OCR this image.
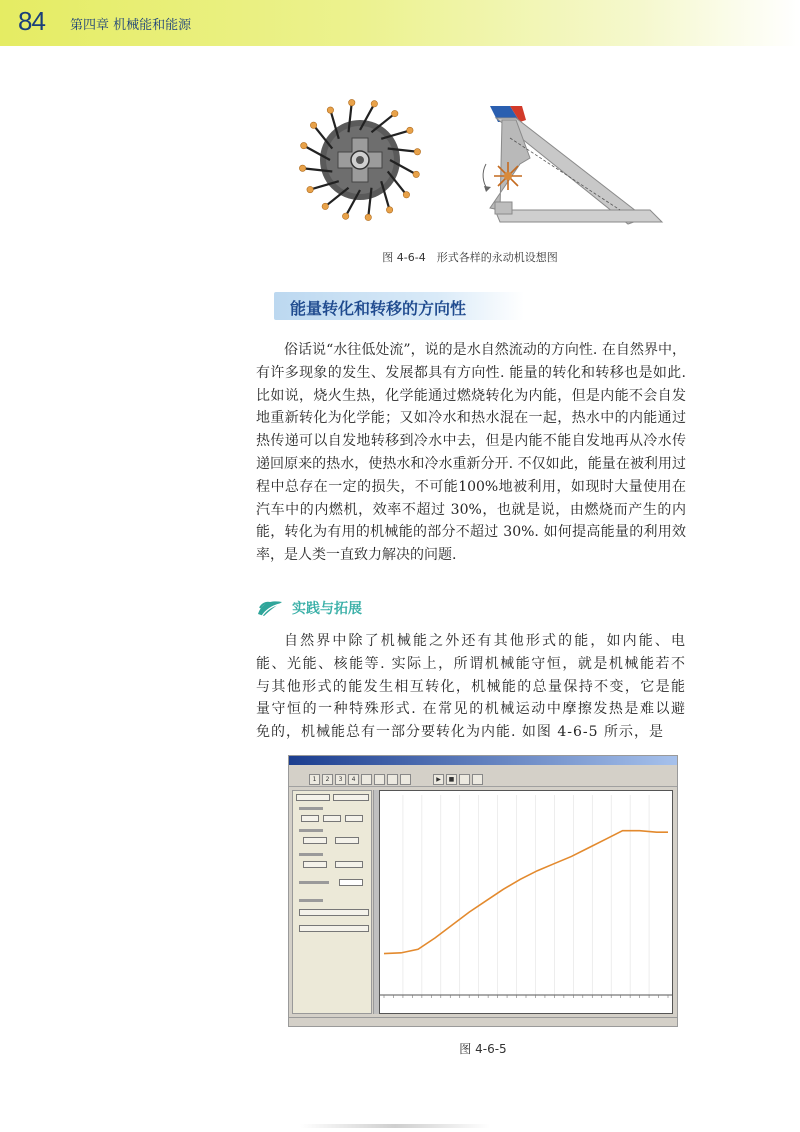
84 第四章 机械能和能源
图 4-6-4　形式各样的永动机设想图
能量转化和转移的方向性
俗话说“水往低处流”，说的是水自然流动的方向性. 在自然界中，有许多现象的发生、发展都具有方向性. 能量的转化和转移也是如此. 比如说，烧火生热，化学能通过燃烧转化为内能，但是内能不会自发地重新转化为化学能；又如冷水和热水混在一起，热水中的内能通过热传递可以自发地转移到冷水中去，但是内能不能自发地再从冷水传递回原来的热水，使热水和冷水重新分开. 不仅如此，能量在被利用过程中总存在一定的损失，不可能100%地被利用，如现时大量使用在汽车中的内燃机，效率不超过 30%，也就是说，由燃烧而产生的内能，转化为有用的机械能的部分不超过 30%. 如何提高能量的利用效率，是人类一直致力解决的问题.
实践与拓展
自然界中除了机械能之外还有其他形式的能，如内能、电能、光能、核能等. 实际上，所谓机械能守恒，就是机械能若不与其他形式的能发生相互转化，机械能的总量保持不变，它是能量守恒的一种特殊形式. 在常见的机械运动中摩擦发热是难以避免的，机械能总有一部分要转化为内能. 如图 4-6-5 所示，是
1	2	3	4	▶	■
图 4-6-5
